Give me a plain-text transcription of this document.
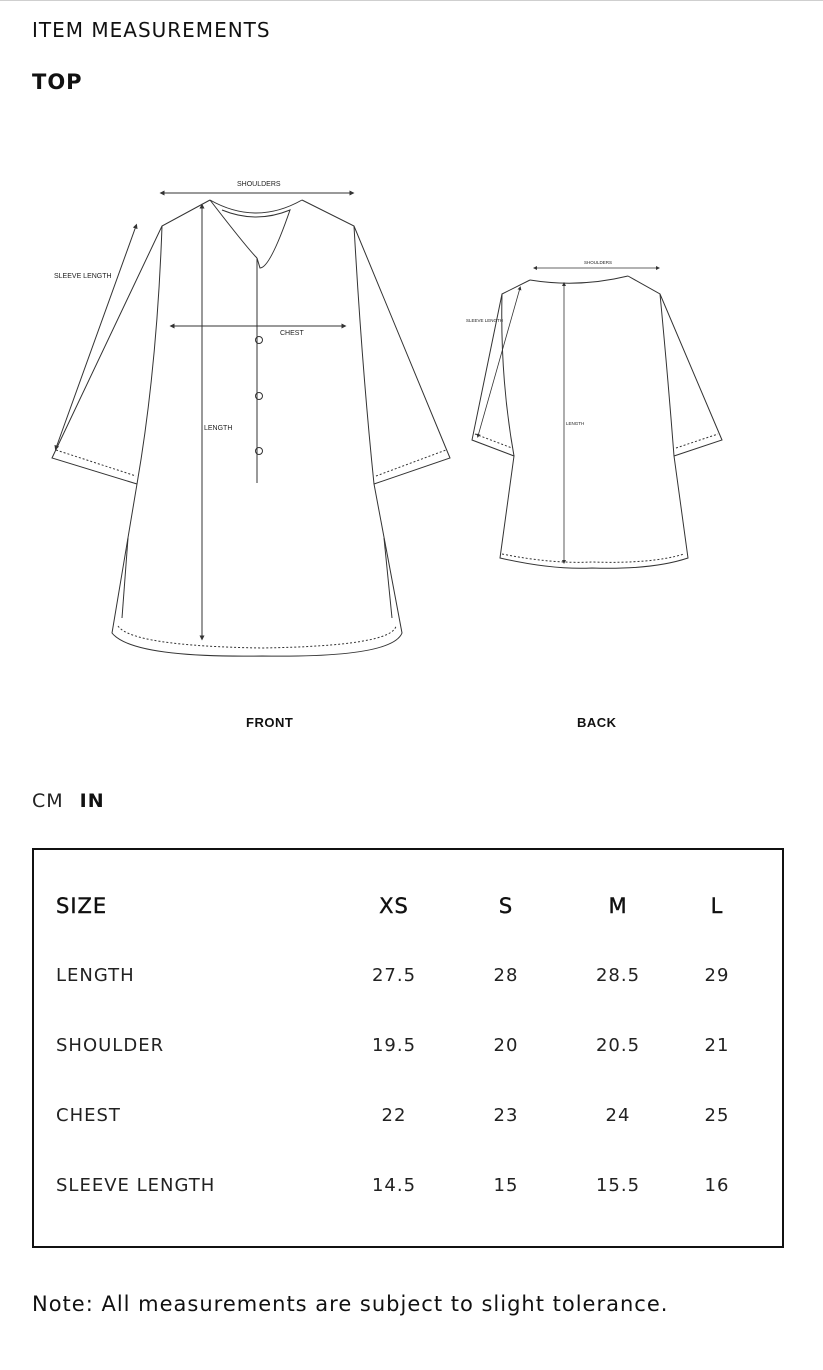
ITEM MEASUREMENTS
TOP
SHOULDERS
SLEEVE LENGTH
CHEST
LENGTH
SHOULDERS
SLEEVE LENGTH
LENGTH
FRONT	BACK
CM IN
SIZE	XS	S	M	L
LENGTH	27.5	28	28.5	29
SHOULDER	19.5	20	20.5	21
CHEST	22	23	24	25
SLEEVE LENGTH	14.5	15	15.5	16
Note: All measurements are subject to slight tolerance.
